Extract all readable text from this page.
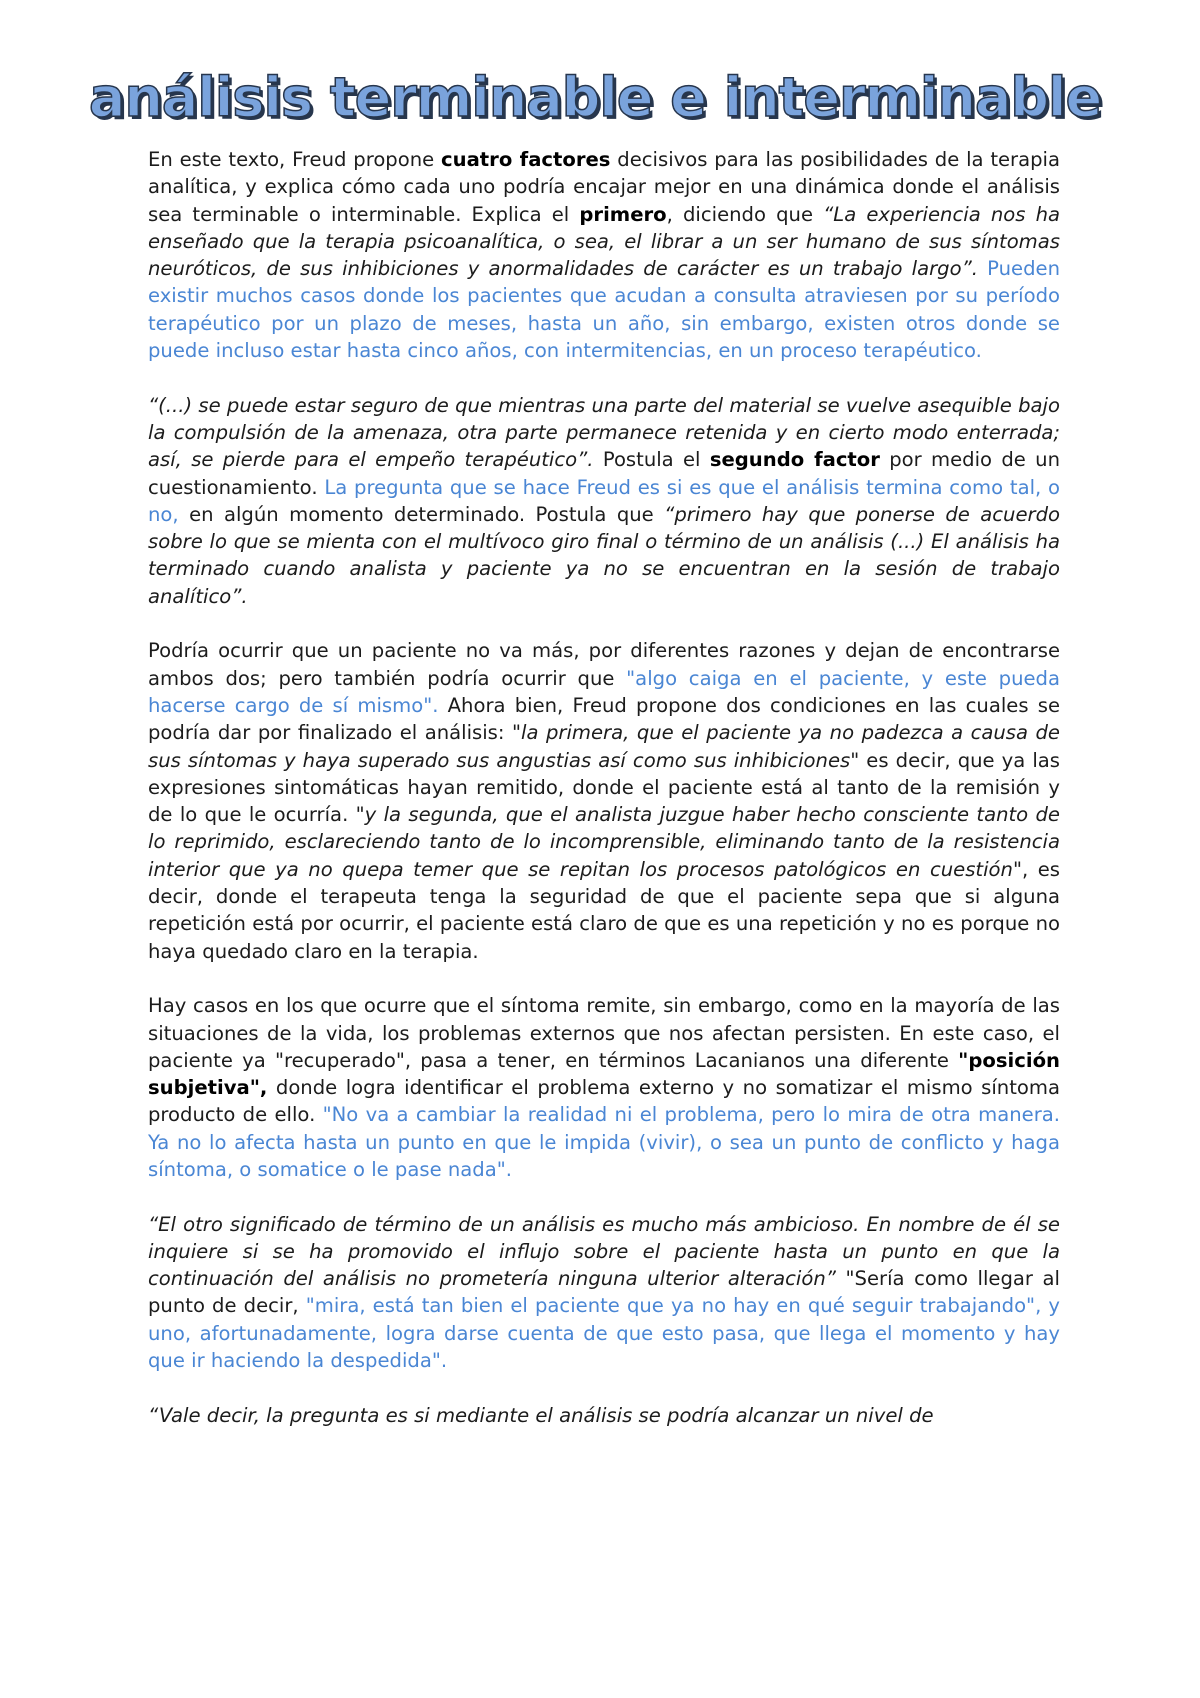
análisis terminable e interminable

En este texto, Freud propone cuatro factores decisivos para las posibilidades de la terapia analítica, y explica cómo cada uno podría encajar mejor en una dinámica donde el análisis sea terminable o interminable. Explica el primero, diciendo que “La experiencia nos ha enseñado que la terapia psicoanalítica, o sea, el librar a un ser humano de sus síntomas neuróticos, de sus inhibiciones y anormalidades de carácter es un trabajo largo”. Pueden existir muchos casos donde los pacientes que acudan a consulta atraviesen por su período terapéutico por un plazo de meses, hasta un año, sin embargo, existen otros donde se puede incluso estar hasta cinco años, con intermitencias, en un proceso terapéutico.

“(...) se puede estar seguro de que mientras una parte del material se vuelve asequible bajo la compulsión de la amenaza, otra parte permanece retenida y en cierto modo enterrada; así, se pierde para el empeño terapéutico”. Postula el segundo factor por medio de un cuestionamiento. La pregunta que se hace Freud es si es que el análisis termina como tal, o no, en algún momento determinado. Postula que “primero hay que ponerse de acuerdo sobre lo que se mienta con el multívoco giro final o término de un análisis (...) El análisis ha terminado cuando analista y paciente ya no se encuentran en la sesión de trabajo analítico”.

Podría ocurrir que un paciente no va más, por diferentes razones y dejan de encontrarse ambos dos; pero también podría ocurrir que "algo caiga en el paciente, y este pueda hacerse cargo de sí mismo". Ahora bien, Freud propone dos condiciones en las cuales se podría dar por finalizado el análisis: "la primera, que el paciente ya no padezca a causa de sus síntomas y haya superado sus angustias así como sus inhibiciones" es decir, que ya las expresiones sintomáticas hayan remitido, donde el paciente está al tanto de la remisión y de lo que le ocurría. "y la segunda, que el analista juzgue haber hecho consciente tanto de lo reprimido, esclareciendo tanto de lo incomprensible, eliminando tanto de la resistencia interior que ya no quepa temer que se repitan los procesos patológicos en cuestión", es decir, donde el terapeuta tenga la seguridad de que el paciente sepa que si alguna repetición está por ocurrir, el paciente está claro de que es una repetición y no es porque no haya quedado claro en la terapia.

Hay casos en los que ocurre que el síntoma remite, sin embargo, como en la mayoría de las situaciones de la vida, los problemas externos que nos afectan persisten. En este caso, el paciente ya "recuperado", pasa a tener, en términos Lacanianos una diferente "posición subjetiva", donde logra identificar el problema externo y no somatizar el mismo síntoma producto de ello. "No va a cambiar la realidad ni el problema, pero lo mira de otra manera. Ya no lo afecta hasta un punto en que le impida (vivir), o sea un punto de conflicto y haga síntoma, o somatice o le pase nada".

“El otro significado de término de un análisis es mucho más ambicioso. En nombre de él se inquiere si se ha promovido el influjo sobre el paciente hasta un punto en que la continuación del análisis no prometería ninguna ulterior alteración” "Sería como llegar al punto de decir, "mira, está tan bien el paciente que ya no hay en qué seguir trabajando", y uno, afortunadamente, logra darse cuenta de que esto pasa, que llega el momento y hay que ir haciendo la despedida".

“Vale decir, la pregunta es si mediante el análisis se podría alcanzar un nivel de
